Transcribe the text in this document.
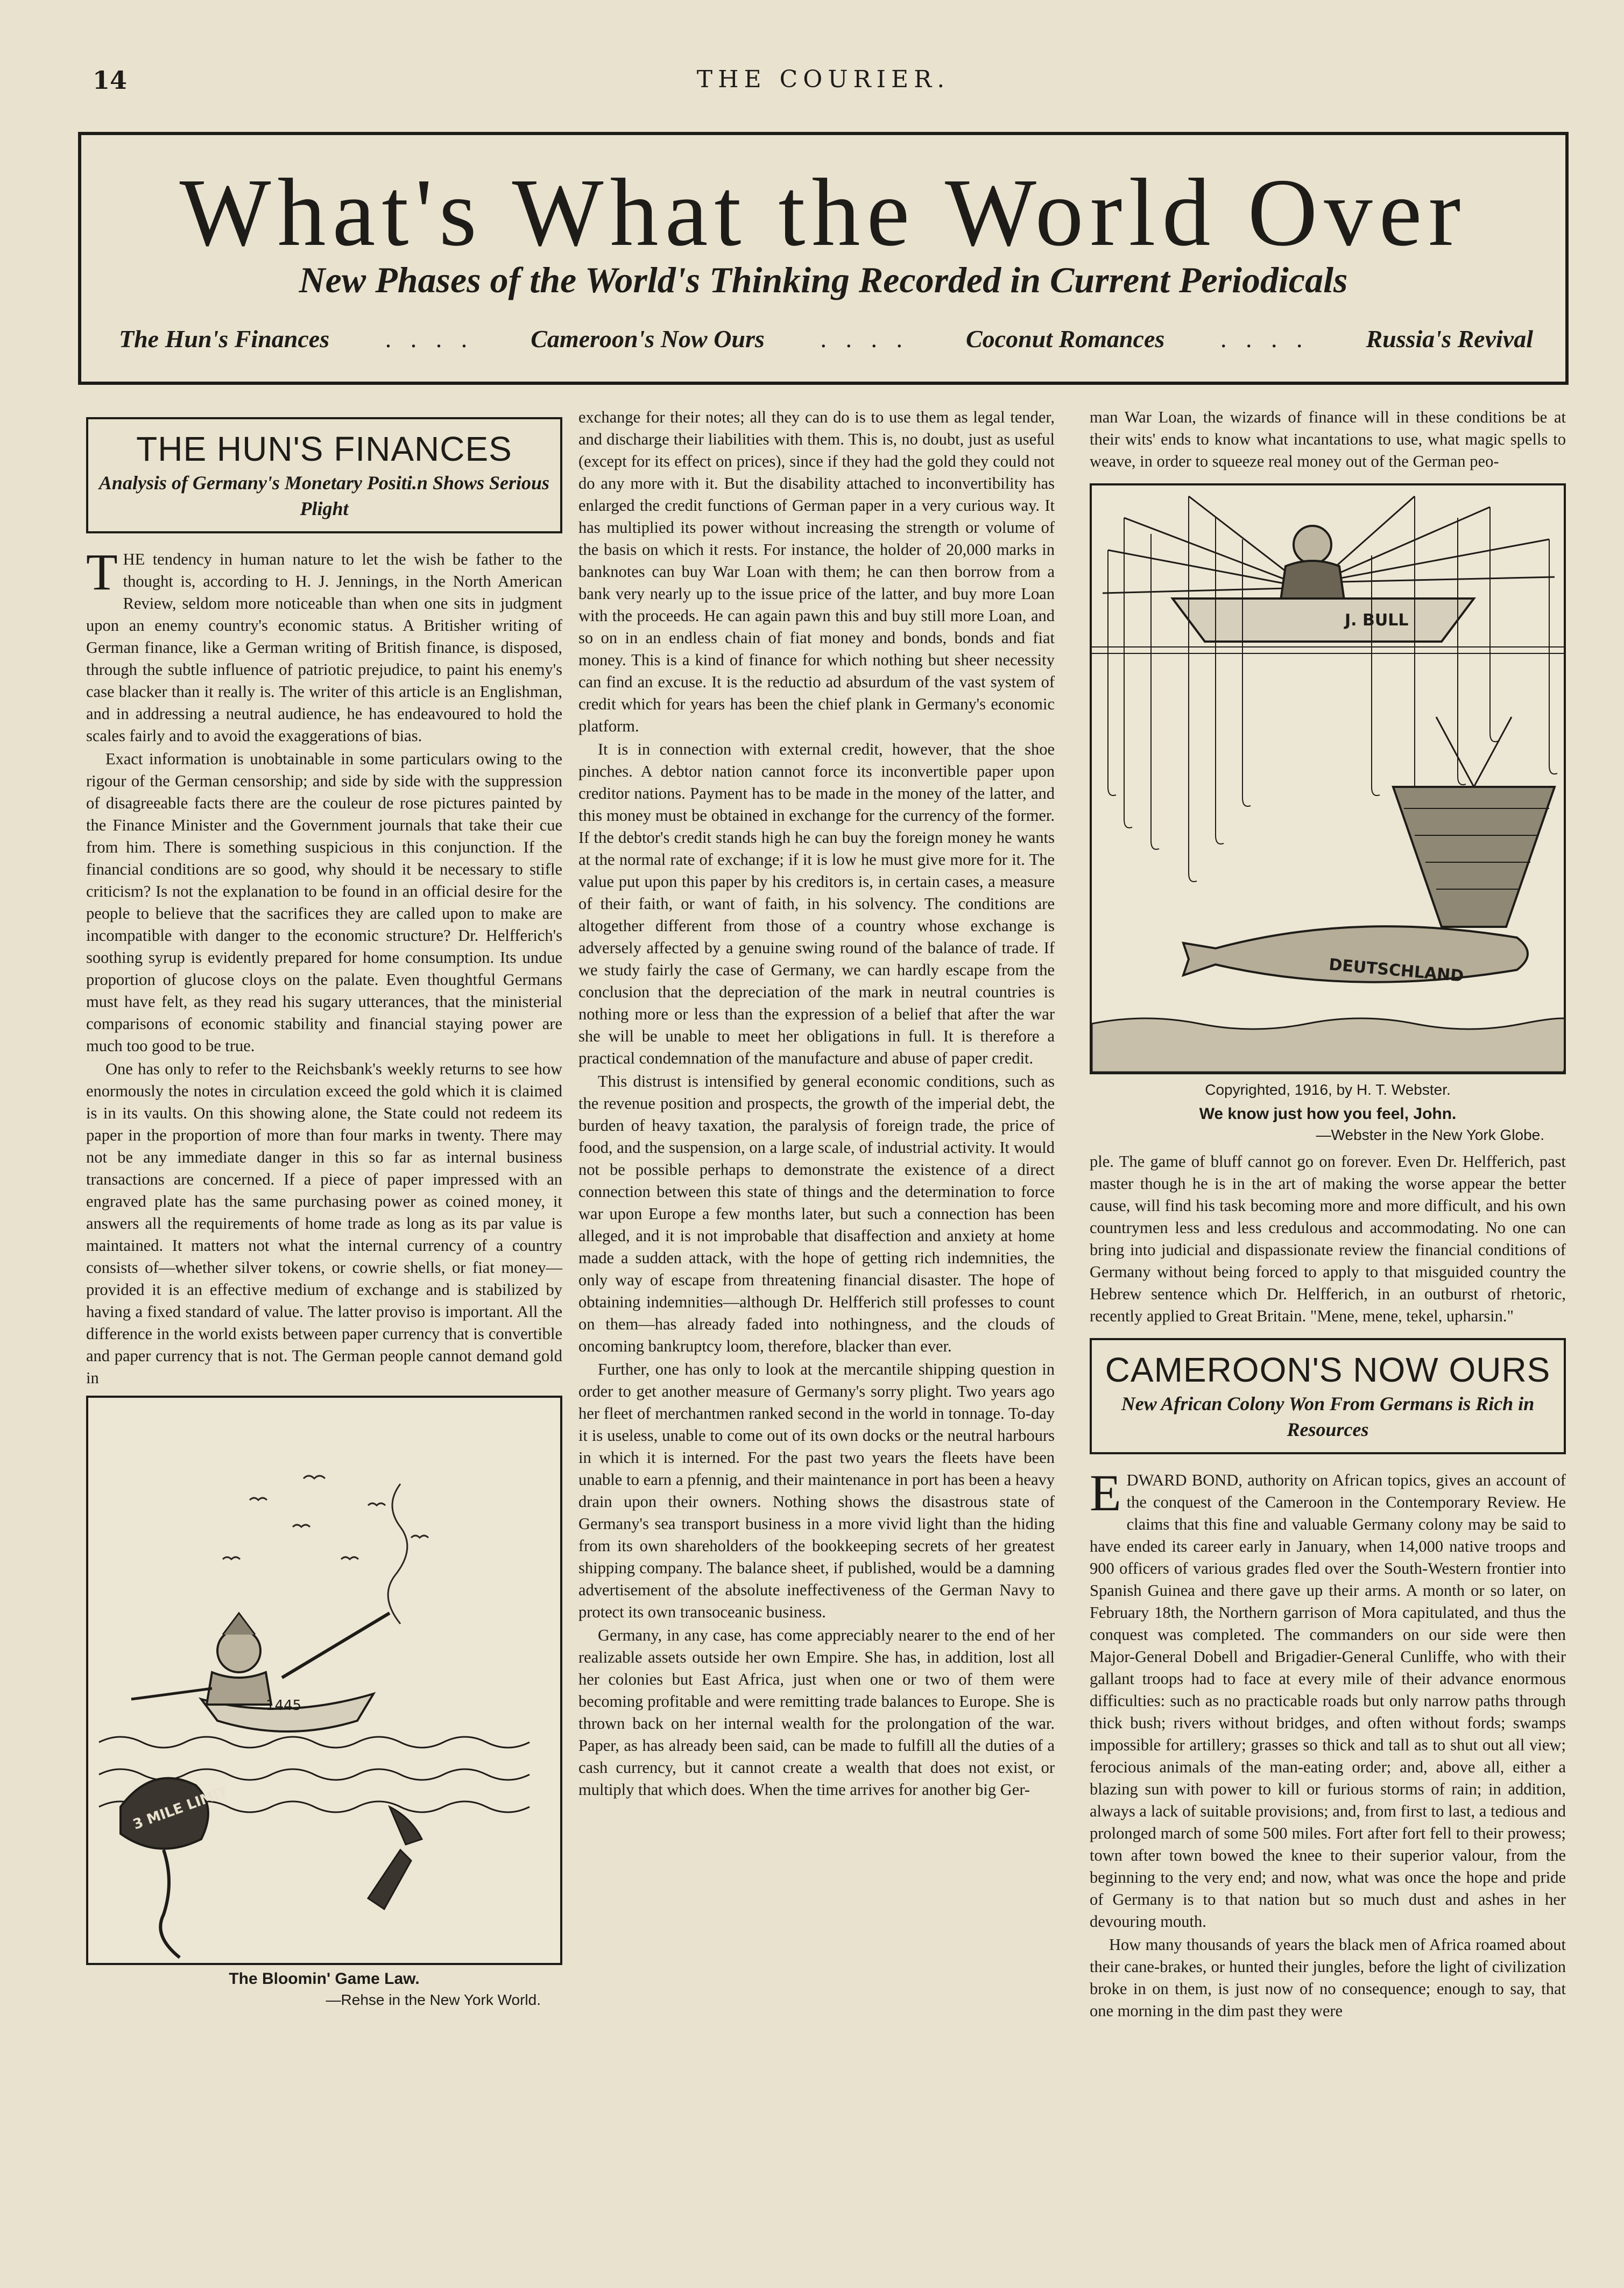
14	THE COURIER.
What's What the World Over
New Phases of the World's Thinking Recorded in Current Periodicals
The Hun's Finances . . . . Cameroon's Now Ours . . . . Coconut Romances . . . . Russia's Revival
THE HUN'S FINANCES
Analysis of Germany's Monetary Positi.n Shows Serious Plight

THE tendency in human nature to let the wish be father to the thought is, according to H. J. Jennings, in the North American Review, seldom more noticeable than when one sits in judgment upon an enemy country's economic status. A Britisher writing of German finance, like a German writing of British finance, is disposed, through the subtle influence of patriotic prejudice, to paint his enemy's case blacker than it really is. The writer of this article is an Englishman, and in addressing a neutral audience, he has endeavoured to hold the scales fairly and to avoid the exaggerations of bias.

Exact information is unobtainable in some particulars owing to the rigour of the German censorship; and side by side with the suppression of disagreeable facts there are the couleur de rose pictures painted by the Finance Minister and the Government journals that take their cue from him. There is something suspicious in this conjunction. If the financial conditions are so good, why should it be necessary to stifle criticism? Is not the explanation to be found in an official desire for the people to believe that the sacrifices they are called upon to make are incompatible with danger to the economic structure? Dr. Helfferich's soothing syrup is evidently prepared for home consumption. Its undue proportion of glucose cloys on the palate. Even thoughtful Germans must have felt, as they read his sugary utterances, that the ministerial comparisons of economic stability and financial staying power are much too good to be true.

One has only to refer to the Reichsbank's weekly returns to see how enormously the notes in circulation exceed the gold which it is claimed is in its vaults. On this showing alone, the State could not redeem its paper in the proportion of more than four marks in twenty. There may not be any immediate danger in this so far as internal business transactions are concerned. If a piece of paper impressed with an engraved plate has the same purchasing power as coined money, it answers all the requirements of home trade as long as its par value is maintained. It matters not what the internal currency of a country consists of—whether silver tokens, or cowrie shells, or fiat money—provided it is an effective medium of exchange and is stabilized by having a fixed standard of value. The latter proviso is important. All the difference in the world exists between paper currency that is convertible and paper currency that is not. The German people cannot demand gold in

1445
3 MILE LIMIT
The Bloomin' Game Law.
—Rehse in the New York World.

exchange for their notes; all they can do is to use them as legal tender, and discharge their liabilities with them. This is, no doubt, just as useful (except for its effect on prices), since if they had the gold they could not do any more with it. But the disability attached to inconvertibility has enlarged the credit functions of German paper in a very curious way. It has multiplied its power without increasing the strength or volume of the basis on which it rests. For instance, the holder of 20,000 marks in banknotes can buy War Loan with them; he can then borrow from a bank very nearly up to the issue price of the latter, and buy more Loan with the proceeds. He can again pawn this and buy still more Loan, and so on in an endless chain of fiat money and bonds, bonds and fiat money. This is a kind of finance for which nothing but sheer necessity can find an excuse. It is the reductio ad absurdum of the vast system of credit which for years has been the chief plank in Germany's economic platform.

It is in connection with external credit, however, that the shoe pinches. A debtor nation cannot force its inconvertible paper upon creditor nations. Payment has to be made in the money of the latter, and this money must be obtained in exchange for the currency of the former. If the debtor's credit stands high he can buy the foreign money he wants at the normal rate of exchange; if it is low he must give more for it. The value put upon this paper by his creditors is, in certain cases, a measure of their faith, or want of faith, in his solvency. The conditions are altogether different from those of a country whose exchange is adversely affected by a genuine swing round of the balance of trade. If we study fairly the case of Germany, we can hardly escape from the conclusion that the depreciation of the mark in neutral countries is nothing more or less than the expression of a belief that after the war she will be unable to meet her obligations in full. It is therefore a practical condemnation of the manufacture and abuse of paper credit.

This distrust is intensified by general economic conditions, such as the revenue position and prospects, the growth of the imperial debt, the burden of heavy taxation, the paralysis of foreign trade, the price of food, and the suspension, on a large scale, of industrial activity. It would not be possible perhaps to demonstrate the existence of a direct connection between this state of things and the determination to force war upon Europe a few months later, but such a connection has been alleged, and it is not improbable that disaffection and anxiety at home made a sudden attack, with the hope of getting rich indemnities, the only way of escape from threatening financial disaster. The hope of obtaining indemnities—although Dr. Helfferich still professes to count on them—has already faded into nothingness, and the clouds of oncoming bankruptcy loom, therefore, blacker than ever.

Further, one has only to look at the mercantile shipping question in order to get another measure of Germany's sorry plight. Two years ago her fleet of merchantmen ranked second in the world in tonnage. To-day it is useless, unable to come out of its own docks or the neutral harbours in which it is interned. For the past two years the fleets have been unable to earn a pfennig, and their maintenance in port has been a heavy drain upon their owners. Nothing shows the disastrous state of Germany's sea transport business in a more vivid light than the hiding from its own shareholders of the bookkeeping secrets of her greatest shipping company. The balance sheet, if published, would be a damning advertisement of the absolute ineffectiveness of the German Navy to protect its own transoceanic business.

Germany, in any case, has come appreciably nearer to the end of her realizable assets outside her own Empire. She has, in addition, lost all her colonies but East Africa, just when one or two of them were becoming profitable and were remitting trade balances to Europe. She is thrown back on her internal wealth for the prolongation of the war. Paper, as has already been said, can be made to fulfill all the duties of a cash currency, but it cannot create a wealth that does not exist, or multiply that which does. When the time arrives for another big Ger-

man War Loan, the wizards of finance will in these conditions be at their wits' ends to know what incantations to use, what magic spells to weave, in order to squeeze real money out of the German peo-

J. BULL
DEUTSCHLAND
Copyrighted, 1916, by H. T. Webster.
We know just how you feel, John.
—Webster in the New York Globe.

ple. The game of bluff cannot go on forever. Even Dr. Helfferich, past master though he is in the art of making the worse appear the better cause, will find his task becoming more and more difficult, and his own countrymen less and less credulous and accommodating. No one can bring into judicial and dispassionate review the financial conditions of Germany without being forced to apply to that misguided country the Hebrew sentence which Dr. Helfferich, in an outburst of rhetoric, recently applied to Great Britain. "Mene, mene, tekel, upharsin."

CAMEROON'S NOW OURS
New African Colony Won From Germans is Rich in Resources

EDWARD BOND, authority on African topics, gives an account of the conquest of the Cameroon in the Contemporary Review. He claims that this fine and valuable Germany colony may be said to have ended its career early in January, when 14,000 native troops and 900 officers of various grades fled over the South-Western frontier into Spanish Guinea and there gave up their arms. A month or so later, on February 18th, the Northern garrison of Mora capitulated, and thus the conquest was completed. The commanders on our side were then Major-General Dobell and Brigadier-General Cunliffe, who with their gallant troops had to face at every mile of their advance enormous difficulties: such as no practicable roads but only narrow paths through thick bush; rivers without bridges, and often without fords; swamps impossible for artillery; grasses so thick and tall as to shut out all view; ferocious animals of the man-eating order; and, above all, either a blazing sun with power to kill or furious storms of rain; in addition, always a lack of suitable provisions; and, from first to last, a tedious and prolonged march of some 500 miles. Fort after fort fell to their prowess; town after town bowed the knee to their superior valour, from the beginning to the very end; and now, what was once the hope and pride of Germany is to that nation but so much dust and ashes in her devouring mouth.

How many thousands of years the black men of Africa roamed about their cane-brakes, or hunted their jungles, before the light of civilization broke in on them, is just now of no consequence; enough to say, that one morning in the dim past they were
